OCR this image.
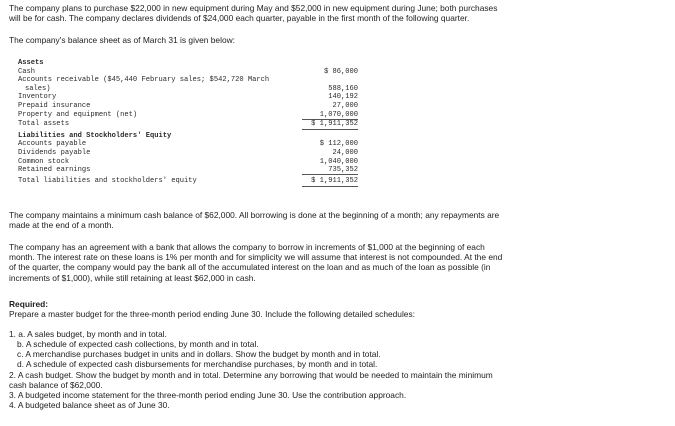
The company plans to purchase $22,000 in new equipment during May and $52,000 in new equipment during June; both purchases
will be for cash. The company declares dividends of $24,000 each quarter, payable in the first month of the following quarter.

The company's balance sheet as of March 31 is given below:

Assets
Cash	$ 86,000
Accounts receivable ($45,440 February sales; $542,720 March
sales)	588,160
Inventory	140,192
Prepaid insurance	27,000
Property and equipment (net)	1,070,000
Total assets	$ 1,911,352
Liabilities and Stockholders' Equity
Accounts payable	$ 112,000
Dividends payable	24,000
Common stock	1,040,000
Retained earnings	735,352
Total liabilities and stockholders' equity	$ 1,911,352

The company maintains a minimum cash balance of $62,000. All borrowing is done at the beginning of a month; any repayments are
made at the end of a month.

The company has an agreement with a bank that allows the company to borrow in increments of $1,000 at the beginning of each
month. The interest rate on these loans is 1% per month and for simplicity we will assume that interest is not compounded. At the end
of the quarter, the company would pay the bank all of the accumulated interest on the loan and as much of the loan as possible (in
increments of $1,000), while still retaining at least $62,000 in cash.

Required:

Prepare a master budget for the three-month period ending June 30. Include the following detailed schedules:

1. a. A sales budget, by month and in total.

b. A schedule of expected cash collections, by month and in total.

c. A merchandise purchases budget in units and in dollars. Show the budget by month and in total.

d. A schedule of expected cash disbursements for merchandise purchases, by month and in total.

2. A cash budget. Show the budget by month and in total. Determine any borrowing that would be needed to maintain the minimum

cash balance of $62,000.

3. A budgeted income statement for the three-month period ending June 30. Use the contribution approach.

4. A budgeted balance sheet as of June 30.
